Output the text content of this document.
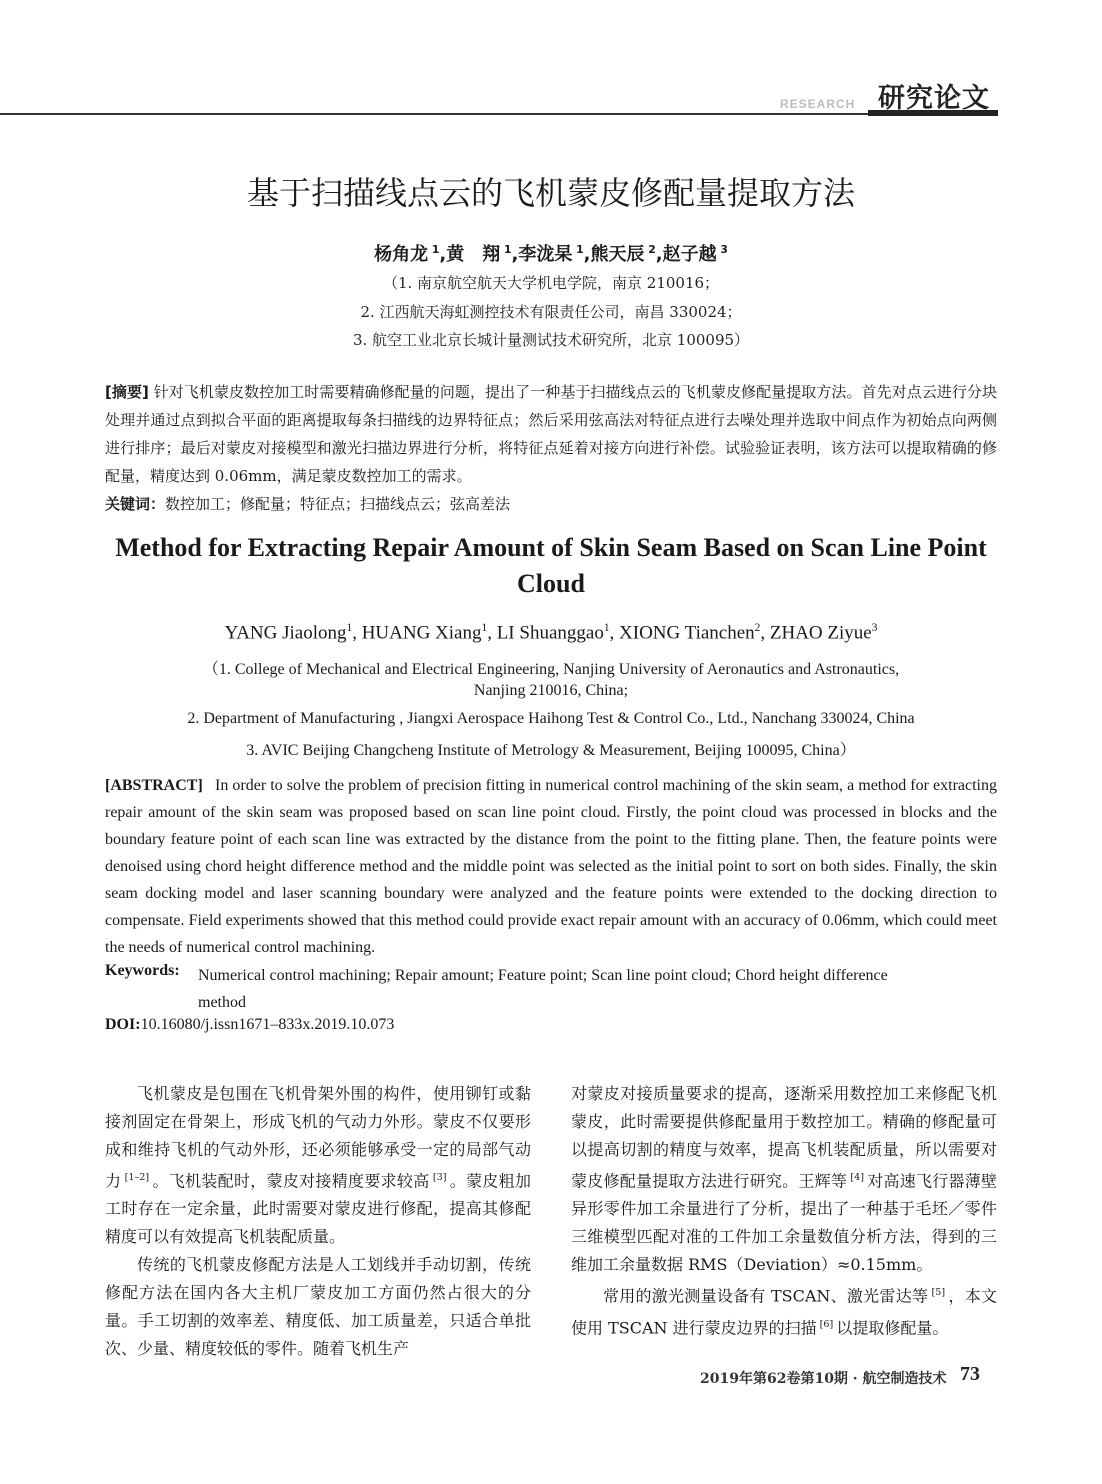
RESEARCH 研究论文
基于扫描线点云的飞机蒙皮修配量提取方法
杨角龙 $^1$,黄　翔 $^1$,李泷杲 $^1$,熊天辰 $^2$,赵子越 $^3$
（1. 南京航空航天大学机电学院，南京 210016；
2. 江西航天海虹测控技术有限责任公司，南昌 330024；
3. 航空工业北京长城计量测试技术研究所，北京 100095）
[摘要] 针对飞机蒙皮数控加工时需要精确修配量的问题，提出了一种基于扫描线点云的飞机蒙皮修配量提取方法。首先对点云进行分块处理并通过点到拟合平面的距离提取每条扫描线的边界特征点；然后采用弦高法对特征点进行去噪处理并选取中间点作为初始点向两侧进行排序；最后对蒙皮对接模型和激光扫描边界进行分析，将特征点延着对接方向进行补偿。试验验证表明，该方法可以提取精确的修配量，精度达到 0.06mm，满足蒙皮数控加工的需求。
关键词：数控加工；修配量；特征点；扫描线点云；弦高差法
Method for Extracting Repair Amount of Skin Seam Based on Scan Line Point Cloud
YANG Jiaolong$^1$, HUANG Xiang$^1$, LI Shuanggao$^1$, XIONG Tianchen$^2$, ZHAO Ziyue$^3$
（1. College of Mechanical and Electrical Engineering, Nanjing University of Aeronautics and Astronautics,
Nanjing 210016, China;
2. Department of Manufacturing , Jiangxi Aerospace Haihong Test & Control Co., Ltd., Nanchang 330024, China
3. AVIC Beijing Changcheng Institute of Metrology & Measurement, Beijing 100095, China）
[ABSTRACT] In order to solve the problem of precision fitting in numerical control machining of the skin seam, a method for extracting repair amount of the skin seam was proposed based on scan line point cloud. Firstly, the point cloud was processed in blocks and the boundary feature point of each scan line was extracted by the distance from the point to the fitting plane. Then, the feature points were denoised using chord height difference method and the middle point was selected as the initial point to sort on both sides. Finally, the skin seam docking model and laser scanning boundary were analyzed and the feature points were extended to the docking direction to compensate. Field experiments showed that this method could provide exact repair amount with an accuracy of 0.06mm, which could meet the needs of numerical control machining.
Keywords: Numerical control machining; Repair amount; Feature point; Scan line point cloud; Chord height difference method
DOI:10.16080/j.issn1671–833x.2019.10.073

飞机蒙皮是包围在飞机骨架外围的构件，使用铆钉或黏接剂固定在骨架上，形成飞机的气动力外形。蒙皮不仅要形成和维持飞机的气动外形，还必须能够承受一定的局部气动力 [1–2] 。飞机装配时，蒙皮对接精度要求较高 [3] 。蒙皮粗加工时存在一定余量，此时需要对蒙皮进行修配，提高其修配精度可以有效提高飞机装配质量。

传统的飞机蒙皮修配方法是人工划线并手动切割，传统修配方法在国内各大主机厂蒙皮加工方面仍然占很大的分量。手工切割的效率差、精度低、加工质量差，只适合单批次、少量、精度较低的零件。随着飞机生产

对蒙皮对接质量要求的提高，逐渐采用数控加工来修配飞机蒙皮，此时需要提供修配量用于数控加工。精确的修配量可以提高切割的精度与效率，提高飞机装配质量，所以需要对蒙皮修配量提取方法进行研究。王辉等 [4] 对高速飞行器薄壁异形零件加工余量进行了分析，提出了一种基于毛坯／零件三维模型匹配对准的工件加工余量数值分析方法，得到的三维加工余量数据 RMS（Deviation）≈0.15mm。

常用的激光测量设备有 TSCAN、激光雷达等 [5] ，本文使用 TSCAN 进行蒙皮边界的扫描 [6] 以提取修配量。

2019年第62卷第10期 · 航空制造技术 73
